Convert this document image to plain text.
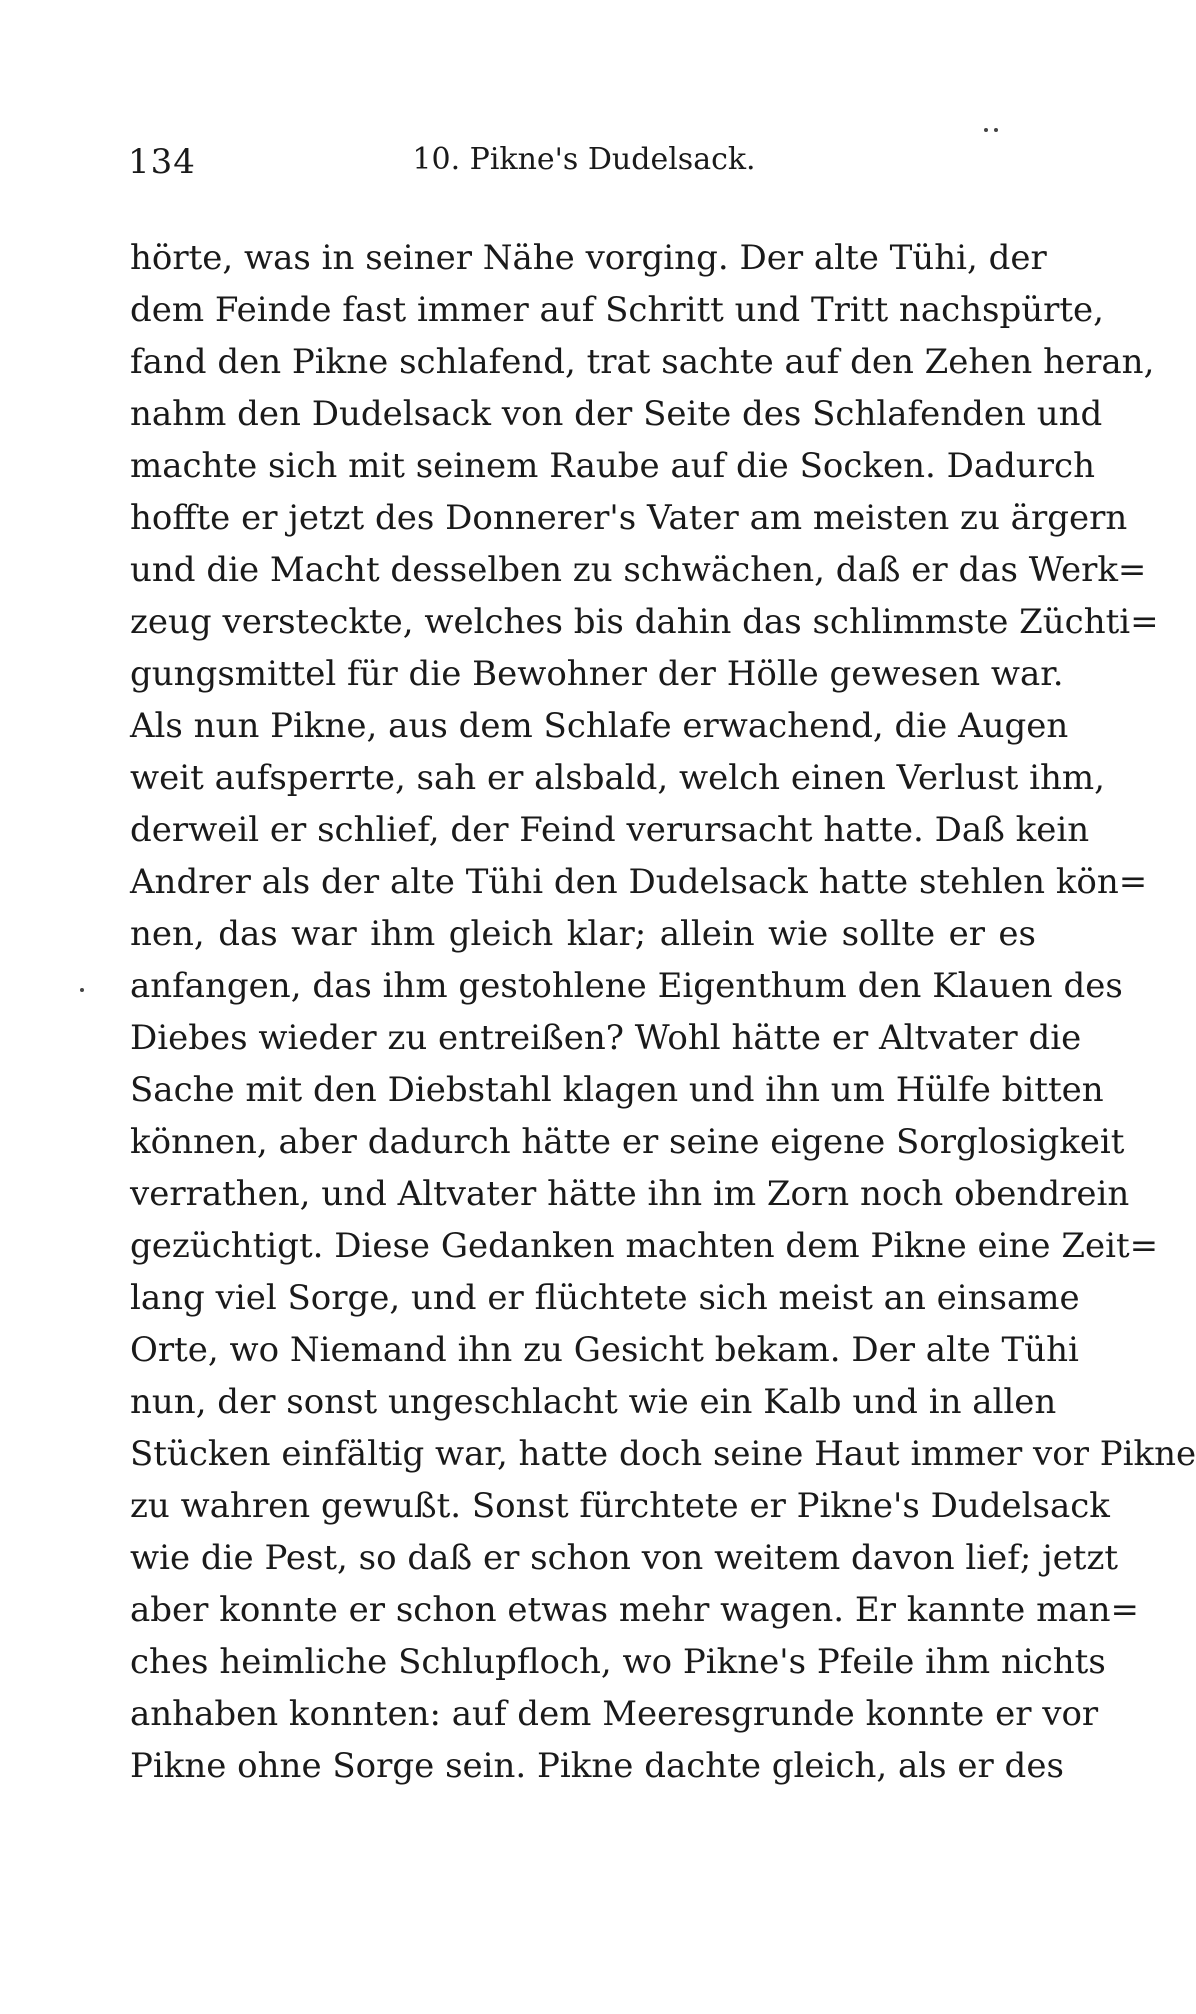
134	10. Pikne's Dudelsack.
hörte, was in seiner Nähe vorging. Der alte Tühi, der
dem Feinde fast immer auf Schritt und Tritt nachspürte,
fand den Pikne schlafend, trat sachte auf den Zehen heran,
nahm den Dudelsack von der Seite des Schlafenden und
machte sich mit seinem Raube auf die Socken. Dadurch
hoffte er jetzt des Donnerer's Vater am meisten zu ärgern
und die Macht desselben zu schwächen, daß er das Werk=
zeug versteckte, welches bis dahin das schlimmste Züchti=
gungsmittel für die Bewohner der Hölle gewesen war.
Als nun Pikne, aus dem Schlafe erwachend, die Augen
weit aufsperrte, sah er alsbald, welch einen Verlust ihm,
derweil er schlief, der Feind verursacht hatte. Daß kein
Andrer als der alte Tühi den Dudelsack hatte stehlen kön=
nen, das war ihm gleich klar; allein wie sollte er es
anfangen, das ihm gestohlene Eigenthum den Klauen des
Diebes wieder zu entreißen? Wohl hätte er Altvater die
Sache mit den Diebstahl klagen und ihn um Hülfe bitten
können, aber dadurch hätte er seine eigene Sorglosigkeit
verrathen, und Altvater hätte ihn im Zorn noch obendrein
gezüchtigt. Diese Gedanken machten dem Pikne eine Zeit=
lang viel Sorge, und er flüchtete sich meist an einsame
Orte, wo Niemand ihn zu Gesicht bekam. Der alte Tühi
nun, der sonst ungeschlacht wie ein Kalb und in allen
Stücken einfältig war, hatte doch seine Haut immer vor Pikne
zu wahren gewußt. Sonst fürchtete er Pikne's Dudelsack
wie die Pest, so daß er schon von weitem davon lief; jetzt
aber konnte er schon etwas mehr wagen. Er kannte man=
ches heimliche Schlupfloch, wo Pikne's Pfeile ihm nichts
anhaben konnten: auf dem Meeresgrunde konnte er vor
Pikne ohne Sorge sein. Pikne dachte gleich, als er des
